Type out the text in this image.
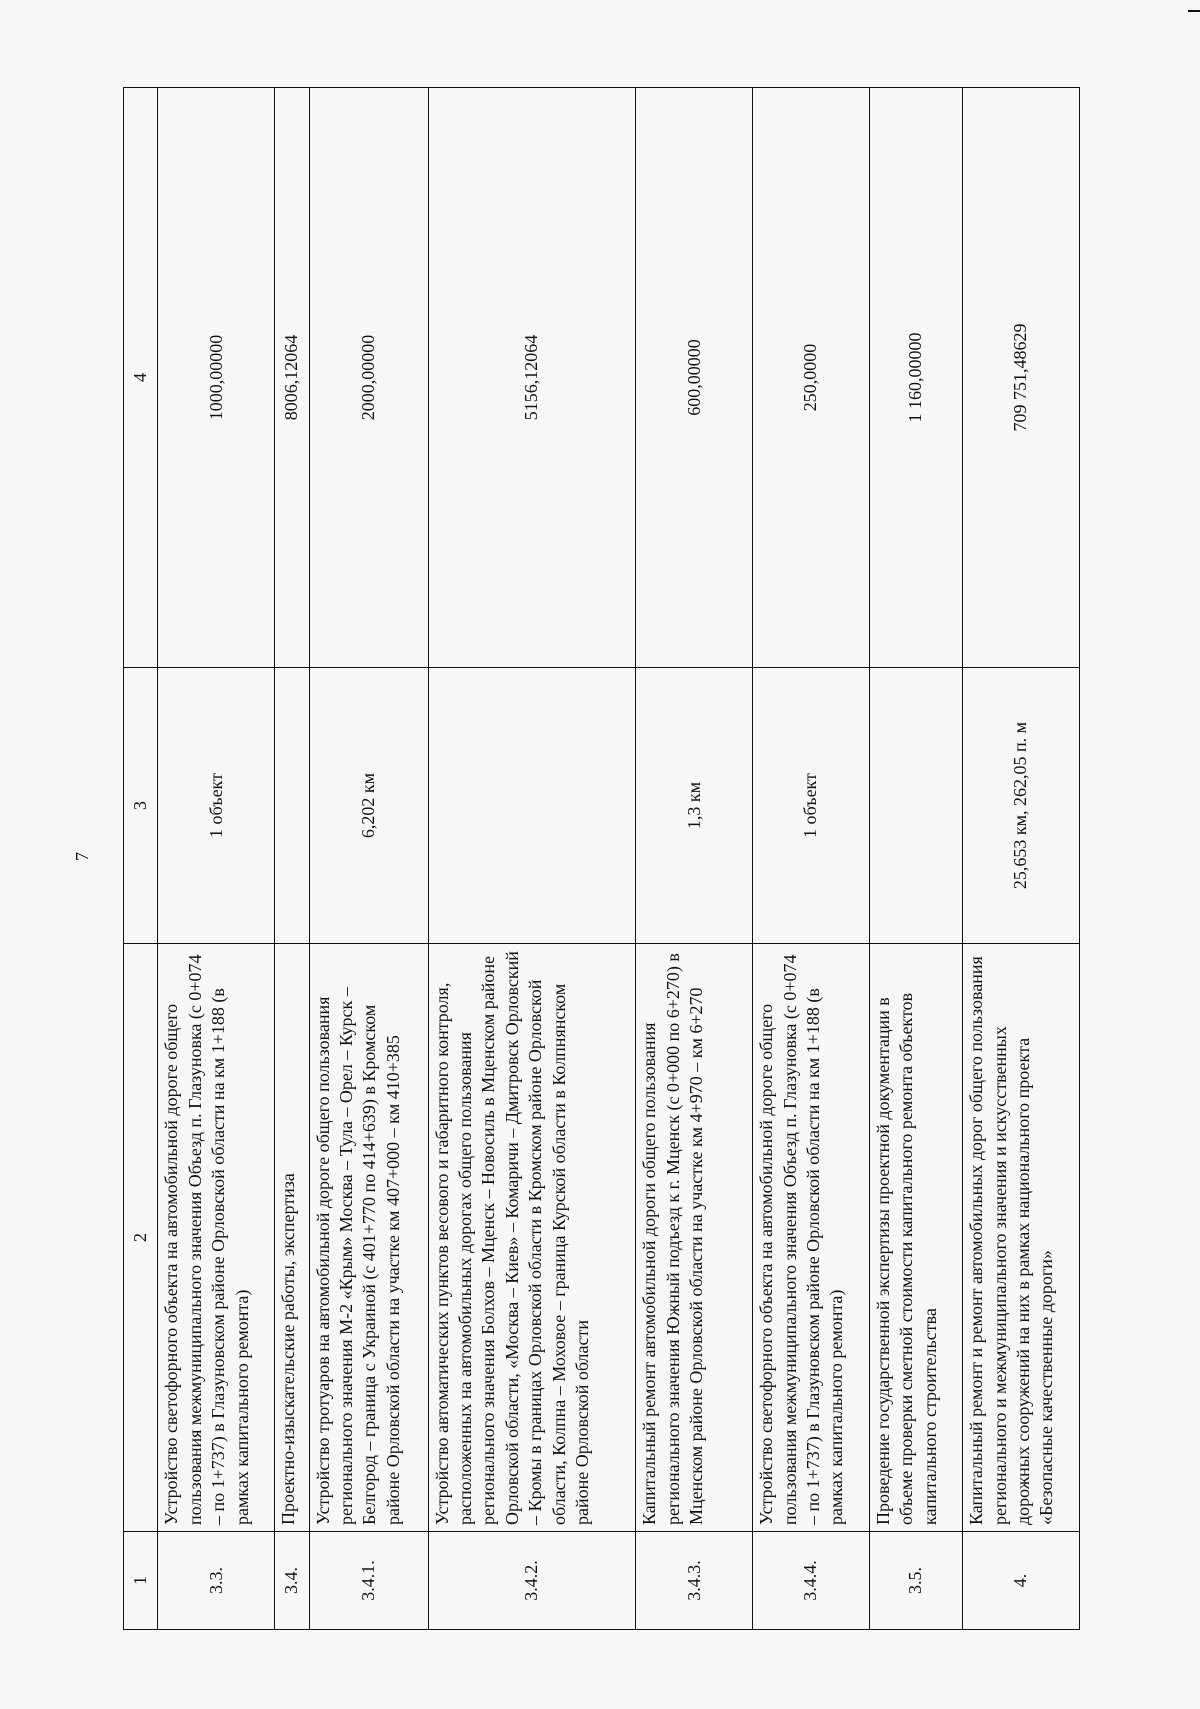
7
1	2	3	4
3.3.	Устройство светофорного объекта на автомобильной дороге общего пользования межмуниципального значения Объезд п. Глазуновка (с 0+074 – по 1+737) в Глазуновском районе Орловской области на км 1+188 (в рамках капитального ремонта)	1 объект	1000,00000
3.4.	Проектно-изыскательские работы, экспертиза		8006,12064
3.4.1.	Устройство тротуаров на автомобильной дороге общего пользования регионального значения М-2 «Крым» Москва – Тула – Орел – Курск – Белгород – граница с Украиной (с 401+770 по 414+639) в Кромском районе Орловской области на участке км 407+000 – км 410+385	6,202 км	2000,00000
3.4.2.	Устройство автоматических пунктов весового и габаритного контроля, расположенных на автомобильных дорогах общего пользования регионального значения Болхов – Мценск – Новосиль в Мценском районе Орловской области, «Москва – Киев» – Комаричи – Дмитровск Орловский – Кромы в границах Орловской области в Кромском районе Орловской области, Колпна – Моховое – граница Курской области в Колпнянском районе Орловской области		5156,12064
3.4.3.	Капитальный ремонт автомобильной дороги общего пользования регионального значения Южный подъезд к г. Мценск (с 0+000 по 6+270) в Мценском районе Орловской области на участке км 4+970 – км 6+270	1,3 км	600,00000
3.4.4.	Устройство светофорного объекта на автомобильной дороге общего пользования межмуниципального значения Объезд п. Глазуновка (с 0+074 – по 1+737) в Глазуновском районе Орловской области на км 1+188 (в рамках капитального ремонта)	1 объект	250,0000
3.5.	Проведение государственной экспертизы проектной документации в объеме проверки сметной стоимости капитального ремонта объектов капитального строительства		1 160,00000
4.	Капитальный ремонт и ремонт автомобильных дорог общего пользования регионального и межмуниципального значения и искусственных дорожных сооружений на них в рамках национального проекта «Безопасные качественные дороги»	25,653 км, 262,05 п. м	709 751,48629
